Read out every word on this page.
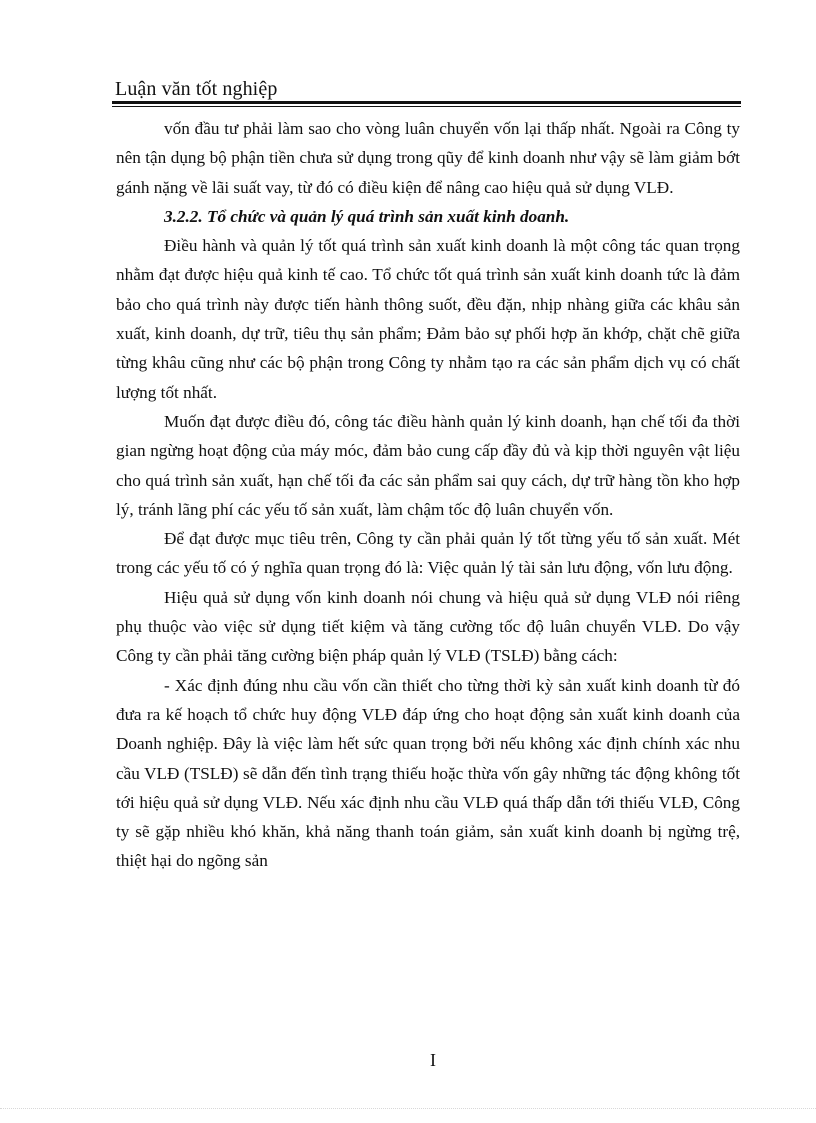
Luận văn tốt nghiệp

vốn đầu tư phải làm sao cho vòng luân chuyển vốn lại thấp nhất. Ngoài ra Công ty nên tận dụng bộ phận tiền chưa sử dụng trong qũy để kinh doanh như vậy sẽ làm giảm bớt gánh nặng về lãi suất vay, từ đó có điều kiện để nâng cao hiệu quả sử dụng VLĐ.

3.2.2. Tổ chức và quản lý quá trình sản xuất kinh doanh.

Điều hành và quản lý tốt quá trình sản xuất kinh doanh là một công tác quan trọng nhằm đạt được hiệu quả kinh tế cao. Tổ chức tốt quá trình sản xuất kinh doanh tức là đảm bảo cho quá trình này được tiến hành thông suốt, đều đặn, nhịp nhàng giữa các khâu sản xuất, kinh doanh, dự trữ, tiêu thụ sản phẩm; Đảm bảo sự phối hợp ăn khớp, chặt chẽ giữa từng khâu cũng như các bộ phận trong Công ty nhằm tạo ra các sản phẩm dịch vụ có chất lượng tốt nhất.

Muốn đạt được điều đó, công tác điều hành quản lý kinh doanh, hạn chế tối đa thời gian ngừng hoạt động của máy móc, đảm bảo cung cấp đầy đủ và kịp thời nguyên vật liệu cho quá trình sản xuất, hạn chế tối đa các sản phẩm sai quy cách, dự trữ hàng tồn kho hợp lý, tránh lãng phí các yếu tố sản xuất, làm chậm tốc độ luân chuyển vốn.

Để đạt được mục tiêu trên, Công ty cần phải quản lý tốt từng yếu tố sản xuất. Mét trong các yếu tố có ý nghĩa quan trọng đó là: Việc quản lý tài sản lưu động, vốn lưu động.

Hiệu quả sử dụng vốn kinh doanh nói chung và hiệu quả sử dụng VLĐ nói riêng phụ thuộc vào việc sử dụng tiết kiệm và tăng cường tốc độ luân chuyển VLĐ. Do vậy Công ty cần phải tăng cường biện pháp quản lý VLĐ (TSLĐ) bằng cách:

- Xác định đúng nhu cầu vốn cần thiết cho từng thời kỳ sản xuất kinh doanh từ đó đưa ra kế hoạch tổ chức huy động VLĐ đáp ứng cho hoạt động sản xuất kinh doanh của Doanh nghiệp. Đây là việc làm hết sức quan trọng bởi nếu không xác định chính xác nhu cầu VLĐ (TSLĐ) sẽ dẫn đến tình trạng thiếu hoặc thừa vốn gây những tác động không tốt tới hiệu quả sử dụng VLĐ. Nếu xác định nhu cầu VLĐ quá thấp dẫn tới thiếu VLĐ, Công ty sẽ gặp nhiều khó khăn, khả năng thanh toán giảm, sản xuất kinh doanh bị ngừng trệ, thiệt hại do ngõng sản

I
